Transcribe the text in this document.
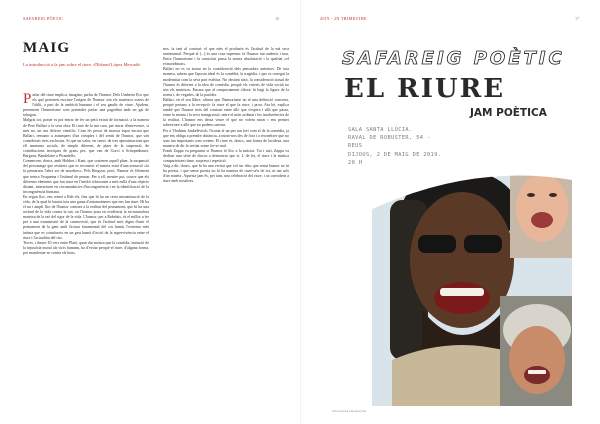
SAFAREIG PÒETIC	16
MAIG
La introducció a la jam sobre el riure, d'Eduard López Mercadé:

Parlar del riure implica, imagino, parlar de l'humor. Dels Umberto Eco que els qué pretenen escriure l'origen de l'humor són els mateixos essers de l'oblit, a part de la ambició humana i el seu gaudir de viure. Ajudem, presentem l'humorisme com pretendre parlar una pagodina amb un gat de tobogan.

Malgrat tot, potser es pot entrar de fer un petit extrat de formació, a la manera de Pere Ballart a la seva obra El riure de la mà cara, per mirar d'entreveure, si més no, un seu defecte científic. Com els pesos de marxar espai encara que Ballart, remunic a assumptes d'un cómplex i del sentit de l'humor, que són considerats trets exclusius. Si que un valor, en canvi, de tres aproximacions que ell anomena socials, de simple diferent, de plaer de la suspensió, de contribucions teoriques de grans pes, que van de Gorci a Schopenhauer, Bergson, Baudelaire o Pirandello.

Comencem, doncs, amb Hobbes i Kant, que sostenen aquell plaer, la suspensió del personatge que resisteix que es reconeixi el mateix estat d'una sensació «la fa pensarnos l'altre ser de nosaltres». Pels Bergson, però, l'humor és l'element que trenca l'esquema i l'estímul de pensar. Per a ell, mentre pot, ocurre que els diferents elements que fan riure en l'insòlit relacionen a més enllà d'una objecte distant, interactuen en circumstàncies d'incongruència i en la identificació de la incongruència humana.

En segon lloc, ens remet a Rab els, fins que hi ha un certa mecanització de la vida, de la qual hi hauria tota una gama d'automatismes que ens fan riure. Hi ha el nu i ampli lloc de l'humor contrari a la realitat del pensament, que hi ha una actitud de la vida contra la raó, on l'humor posa en evidència la no-naturalesa mateixa de la raó del rigor de la vida. L'humor, per a Rabelais, és el millor a fer per a una transmissió de la cosmovisió, que és l'actitud més digna d'unir el pensament de la gent amb l'actuar fonamental del cos humà, l'extrema més íntima que es constitueix en un gest humà d'acció de la supervivència entre el riure i l'actualitat del risc.

Tercer, i darrer. El vers entre Plató, quan diu mostra que la comèdia, imitació de la injustícia moral als vicis humans, ha d'evitar perquè el riure, d'alguna forma, pot manifestar-se contra els bons.

nos, fa tant al contrari: el que més el produeix és l'actitud de la mà seca sentimental. Perquè al (...) és una cosa suprema: fa l'humor tan autèntic i nou. Entre l'humorisme i la comicitat passa la nostra absolutació i la qualitat «el extraordinari».

Ballart no es va aturar en la consideració dels pensadors anteriors. De tota manera, sabem que l'aposta ideal és la comèdia, la tragèdia, i que es conegui la modernitat com la seva part estètica. No obstant això, la consideració actual de l'humor és diferent a la idea de comèdia, perquè els criteris de vida social no són els mateixos. Encara que al comportament clàssic hi hagi la figura de la ironia i, de vegades, de la paròdia.

Ballart, en el seu llibre, afirma que l'humorisme no té una definició concreta, perquè pertany a la recepció: fa riure el que fa riure, i prou. Ara bé, explica també que l'humor neix del contrast entre allò que s'espera i allò que passa, entre la norma i la seva transgressió, entre el món ordenat i les incoherències de la realitat. L'humor ens deixa veure el que no volem mirar i ens permet sobreviure a allò que no podem canviar.

Per a Vladimir Jankélévitch, l'ironia té un pes tan fort com el de la comèdia, ja que ens obliga a prendre distància, a mirar-nos des de fora i a reconèixer que no som tan importants com creiem. El riure és, doncs, una forma de lucidesa, una manera de dir la veritat sense fer-se mal.

Frank Zappa va preguntar si l'humor té lloc a la música. Tot i així, Zappa va dedicar una sèrie de discos a demostrar que sí. I, de fet, el riure i la música comparteixen ritme, sorpresa i repetició.

Vaig a dir, doncs, que hi ha una veritat que vol ser dita: que sense humor no hi ha poesia, i que sense poesia no hi ha manera de riure-se'n de tot, ni tan sols d'un mateix. Aquesta jam és, per tant, una celebració del riure, i us convidem a riure amb nosaltres.

2019 - 2N TRIMESTRE	17
SAFAREIG POÈTIC
EL RIURE
JAM POÈTICA
SALA SANTA LLÚCIA.
RAVAL DE ROBUSTER, 54 -
REUS
DIJOUS, 2 DE MAIG DE 2019.
20 H
FOTOGRAFIES: PIXABAY.COM
